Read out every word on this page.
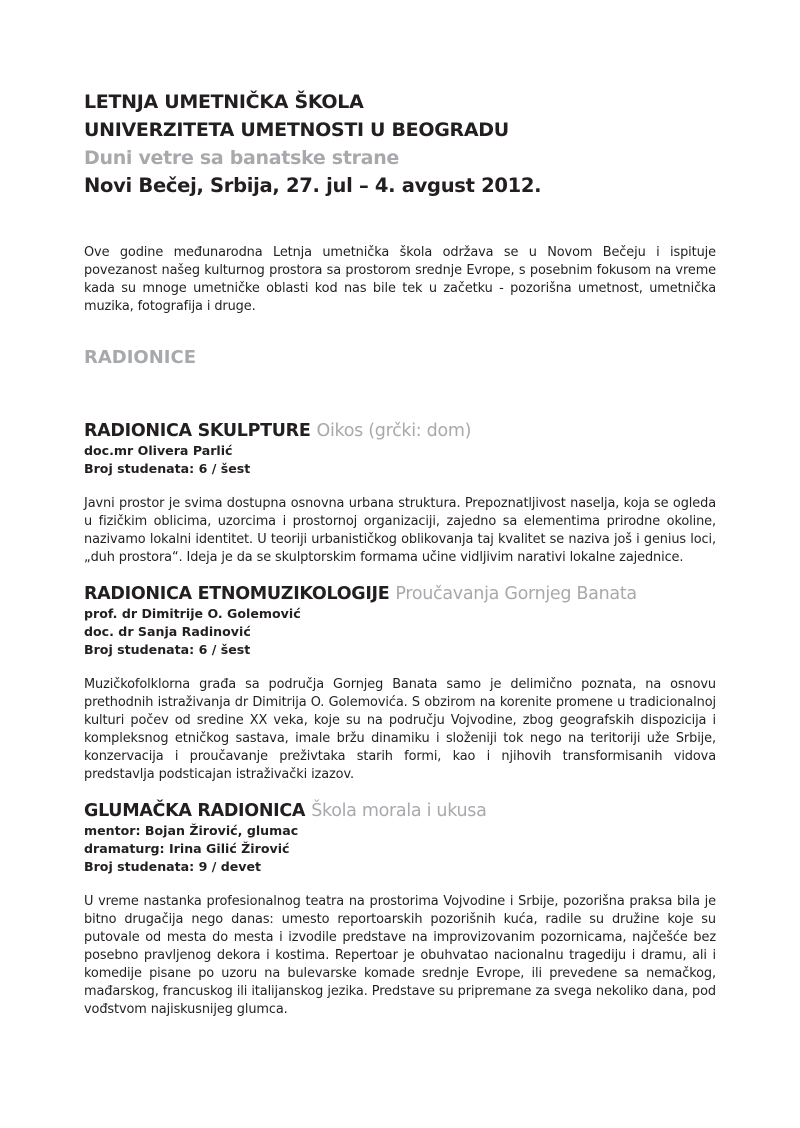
LETNJA UMETNIČKA ŠKOLA
UNIVERZITETA UMETNOSTI U BEOGRADU
Duni vetre sa banatske strane
Novi Bečej, Srbija, 27. jul – 4. avgust 2012.

Ove godine međunarodna Letnja umetnička škola održava se u Novom Bečeju i ispituje povezanost našeg kulturnog prostora sa prostorom srednje Evrope, s posebnim fokusom na vreme kada su mnoge umetničke oblasti kod nas bile tek u začetku - pozorišna umetnost, umetnička muzika, fotografija i druge.

RADIONICE
RADIONICA SKULPTURE Oikos (grčki: dom)
doc.mr Olivera Parlić
Broj studenata: 6 / šest

Javni prostor je svima dostupna osnovna urbana struktura. Prepoznatljivost naselja, koja se ogleda u fizičkim oblicima, uzorcima i prostornoj organizaciji, zajedno sa elementima prirodne okoline, nazivamo lokalni identitet. U teoriji urbanističkog oblikovanja taj kvalitet se naziva još i genius loci, „duh prostora“. Ideja je da se skulptorskim formama učine vidljivim narativi lokalne zajednice.

RADIONICA ETNOMUZIKOLOGIJE Proučavanja Gornjeg Banata
prof. dr Dimitrije O. Golemović
doc. dr Sanja Radinović
Broj studenata: 6 / šest

Muzičkofolklorna građa sa područja Gornjeg Banata samo je delimično poznata, na osnovu prethodnih istraživanja dr Dimitrija O. Golemovića. S obzirom na korenite promene u tradicionalnoj kulturi počev od sredine XX veka, koje su na području Vojvodine, zbog geografskih dispozicija i kompleksnog etničkog sastava, imale bržu dinamiku i složeniji tok nego na teritoriji uže Srbije, konzervacija i proučavanje preživtaka starih formi, kao i njihovih transformisanih vidova predstavlja podsticajan istraživački izazov.

GLUMAČKA RADIONICA Škola morala i ukusa
mentor: Bojan Žirović, glumac
dramaturg: Irina Gilić Žirović
Broj studenata: 9 / devet

U vreme nastanka profesionalnog teatra na prostorima Vojvodine i Srbije, pozorišna praksa bila je bitno drugačija nego danas: umesto reportoarskih pozorišnih kuća, radile su družine koje su putovale od mesta do mesta i izvodile predstave na improvizovanim pozornicama, najčešće bez posebno pravljenog dekora i kostima. Repertoar je obuhvatao nacionalnu tragediju i dramu, ali i komedije pisane po uzoru na bulevarske komade srednje Evrope, ili prevedene sa nemačkog, mađarskog, francuskog ili italijanskog jezika. Predstave su pripremane za svega nekoliko dana, pod vođstvom najiskusnijeg glumca.
